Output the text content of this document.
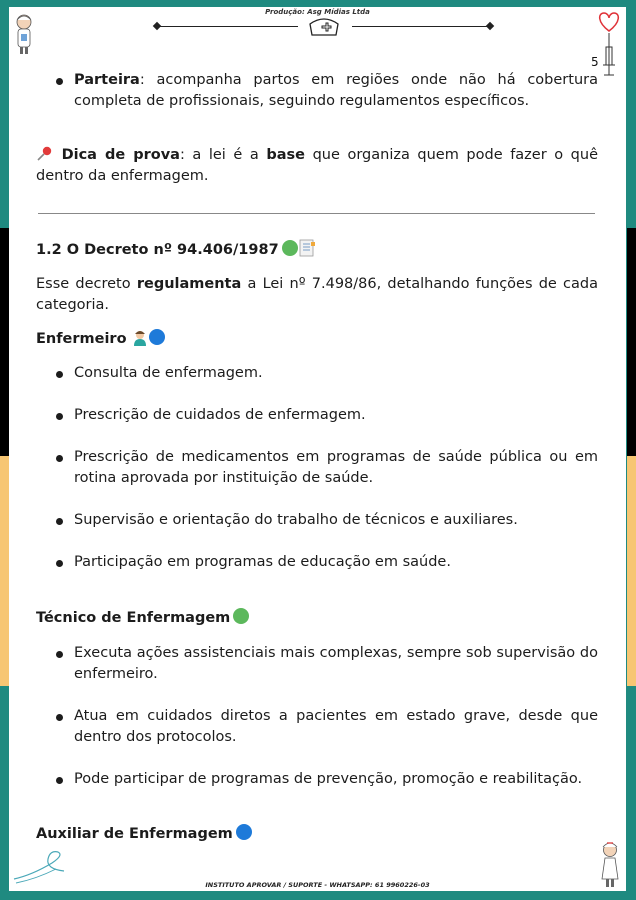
Produção: Asg Mídias Ltda
5

Parteira: acompanha partos em regiões onde não há cobertura completa de profissionais, seguindo regulamentos específicos.

Dica de prova: a lei é a base que organiza quem pode fazer o quê dentro da enfermagem.

1.2 O Decreto nº 94.406/1987

Esse decreto regulamenta a Lei nº 7.498/86, detalhando funções de cada categoria.

Enfermeiro

Consulta de enfermagem.

Prescrição de cuidados de enfermagem.

Prescrição de medicamentos em programas de saúde pública ou em rotina aprovada por instituição de saúde.

Supervisão e orientação do trabalho de técnicos e auxiliares.

Participação em programas de educação em saúde.

Técnico de Enfermagem

Executa ações assistenciais mais complexas, sempre sob supervisão do enfermeiro.

Atua em cuidados diretos a pacientes em estado grave, desde que dentro dos protocolos.

Pode participar de programas de prevenção, promoção e reabilitação.

Auxiliar de Enfermagem

INSTITUTO APROVAR / SUPORTE - WHATSAPP: 61 9960226-03
